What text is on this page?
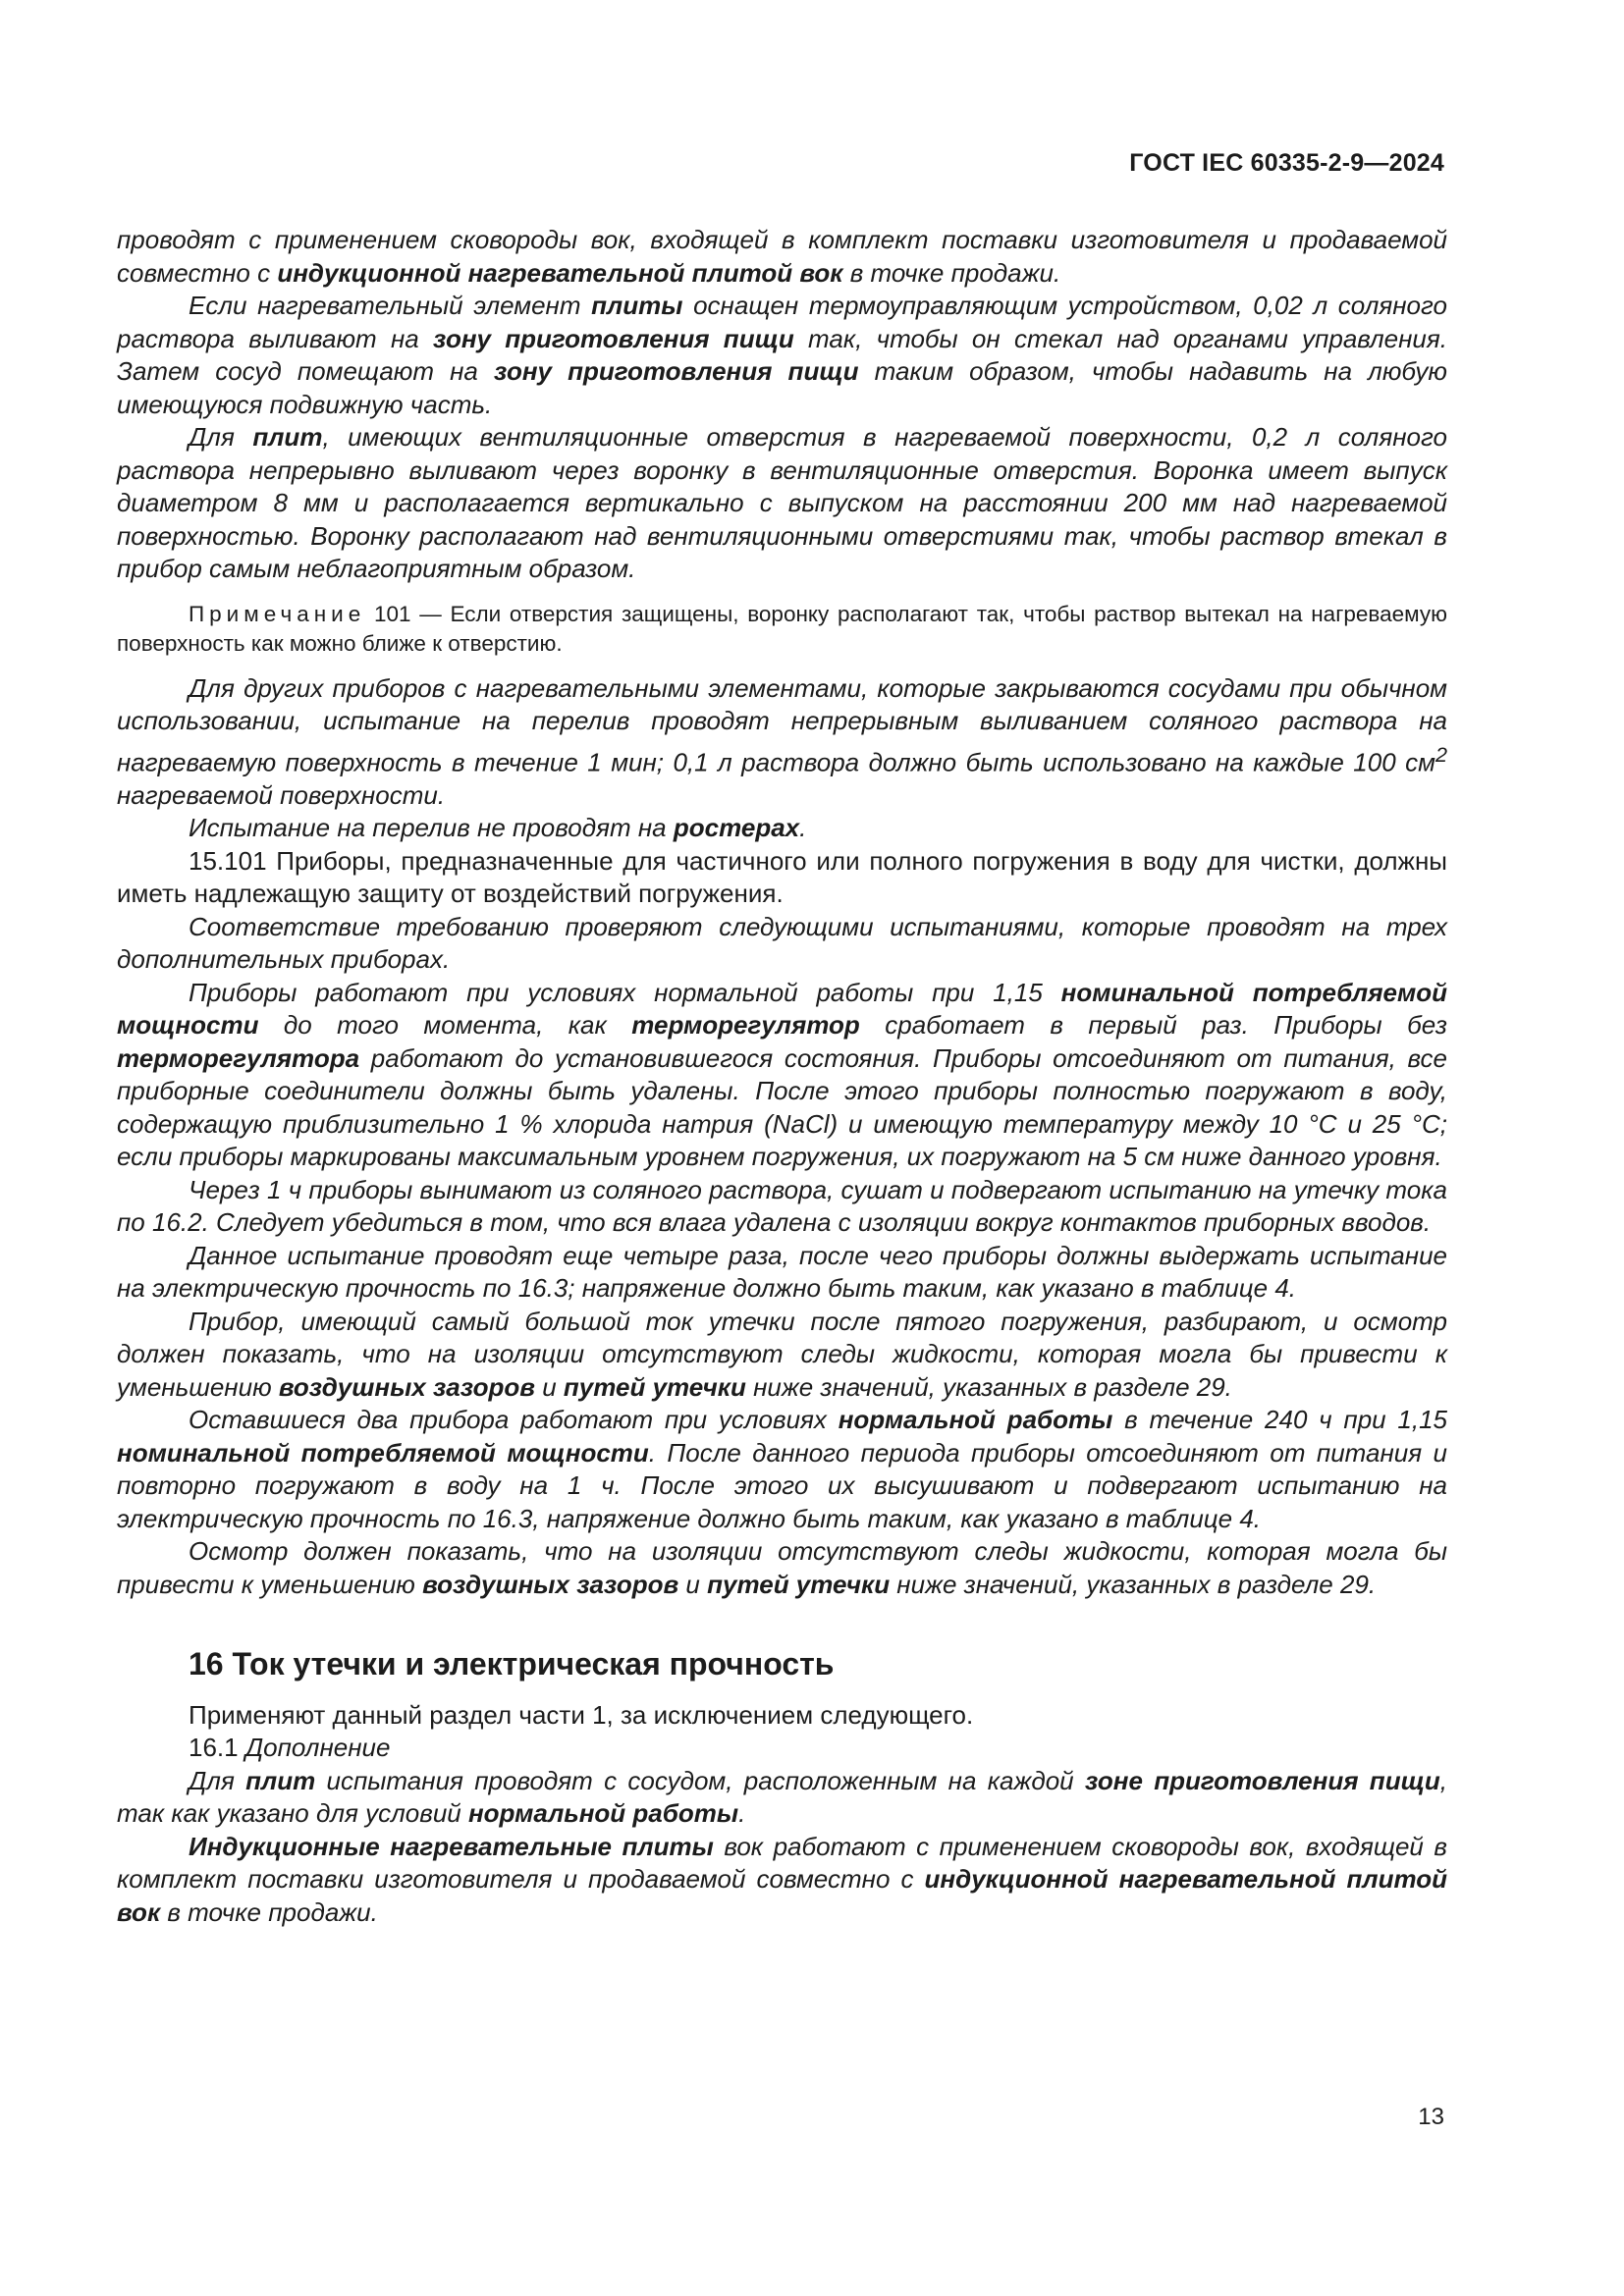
ГОСТ IEC 60335-2-9—2024

проводят с применением сковороды вок, входящей в комплект поставки изготовителя и продаваемой совместно с индукционной нагревательной плитой вок в точке продажи.

Если нагревательный элемент плиты оснащен термоуправляющим устройством, 0,02 л соляного раствора выливают на зону приготовления пищи так, чтобы он стекал над органами управления. Затем сосуд помещают на зону приготовления пищи таким образом, чтобы надавить на любую имеющуюся подвижную часть.

Для плит, имеющих вентиляционные отверстия в нагреваемой поверхности, 0,2 л соляного раствора непрерывно выливают через воронку в вентиляционные отверстия. Воронка имеет выпуск диаметром 8 мм и располагается вертикально с выпуском на расстоянии 200 мм над нагреваемой поверхностью. Воронку располагают над вентиляционными отверстиями так, чтобы раствор втекал в прибор самым неблагоприятным образом.

Примечание 101 — Если отверстия защищены, воронку располагают так, чтобы раствор вытекал на нагреваемую поверхность как можно ближе к отверстию.

Для других приборов с нагревательными элементами, которые закрываются сосудами при обычном использовании, испытание на перелив проводят непрерывным выливанием соляного раствора на нагреваемую поверхность в течение 1 мин; 0,1 л раствора должно быть использовано на каждые 100 $см^2$ нагреваемой поверхности.

Испытание на перелив не проводят на ростерах.

15.101 Приборы, предназначенные для частичного или полного погружения в воду для чистки, должны иметь надлежащую защиту от воздействий погружения.

Соответствие требованию проверяют следующими испытаниями, которые проводят на трех дополнительных приборах.

Приборы работают при условиях нормальной работы при 1,15 номинальной потребляемой мощности до того момента, как терморегулятор сработает в первый раз. Приборы без терморегулятора работают до установившегося состояния. Приборы отсоединяют от питания, все приборные соединители должны быть удалены. После этого приборы полностью погружают в воду, содержащую приблизительно 1 % хлорида натрия (NaCl) и имеющую температуру между 10 °С и 25 °С; если приборы маркированы максимальным уровнем погружения, их погружают на 5 см ниже данного уровня.

Через 1 ч приборы вынимают из соляного раствора, сушат и подвергают испытанию на утечку тока по 16.2. Следует убедиться в том, что вся влага удалена с изоляции вокруг контактов приборных вводов.

Данное испытание проводят еще четыре раза, после чего приборы должны выдержать испытание на электрическую прочность по 16.3; напряжение должно быть таким, как указано в таблице 4.

Прибор, имеющий самый большой ток утечки после пятого погружения, разбирают, и осмотр должен показать, что на изоляции отсутствуют следы жидкости, которая могла бы привести к уменьшению воздушных зазоров и путей утечки ниже значений, указанных в разделе 29.

Оставшиеся два прибора работают при условиях нормальной работы в течение 240 ч при 1,15 номинальной потребляемой мощности. После данного периода приборы отсоединяют от питания и повторно погружают в воду на 1 ч. После этого их высушивают и подвергают испытанию на электрическую прочность по 16.3, напряжение должно быть таким, как указано в таблице 4.

Осмотр должен показать, что на изоляции отсутствуют следы жидкости, которая могла бы привести к уменьшению воздушных зазоров и путей утечки ниже значений, указанных в разделе 29.

16 Ток утечки и электрическая прочность

Применяют данный раздел части 1, за исключением следующего.

16.1 Дополнение

Для плит испытания проводят с сосудом, расположенным на каждой зоне приготовления пищи, так как указано для условий нормальной работы.

Индукционные нагревательные плиты вок работают с применением сковороды вок, входящей в комплект поставки изготовителя и продаваемой совместно с индукционной нагревательной плитой вок в точке продажи.

13
